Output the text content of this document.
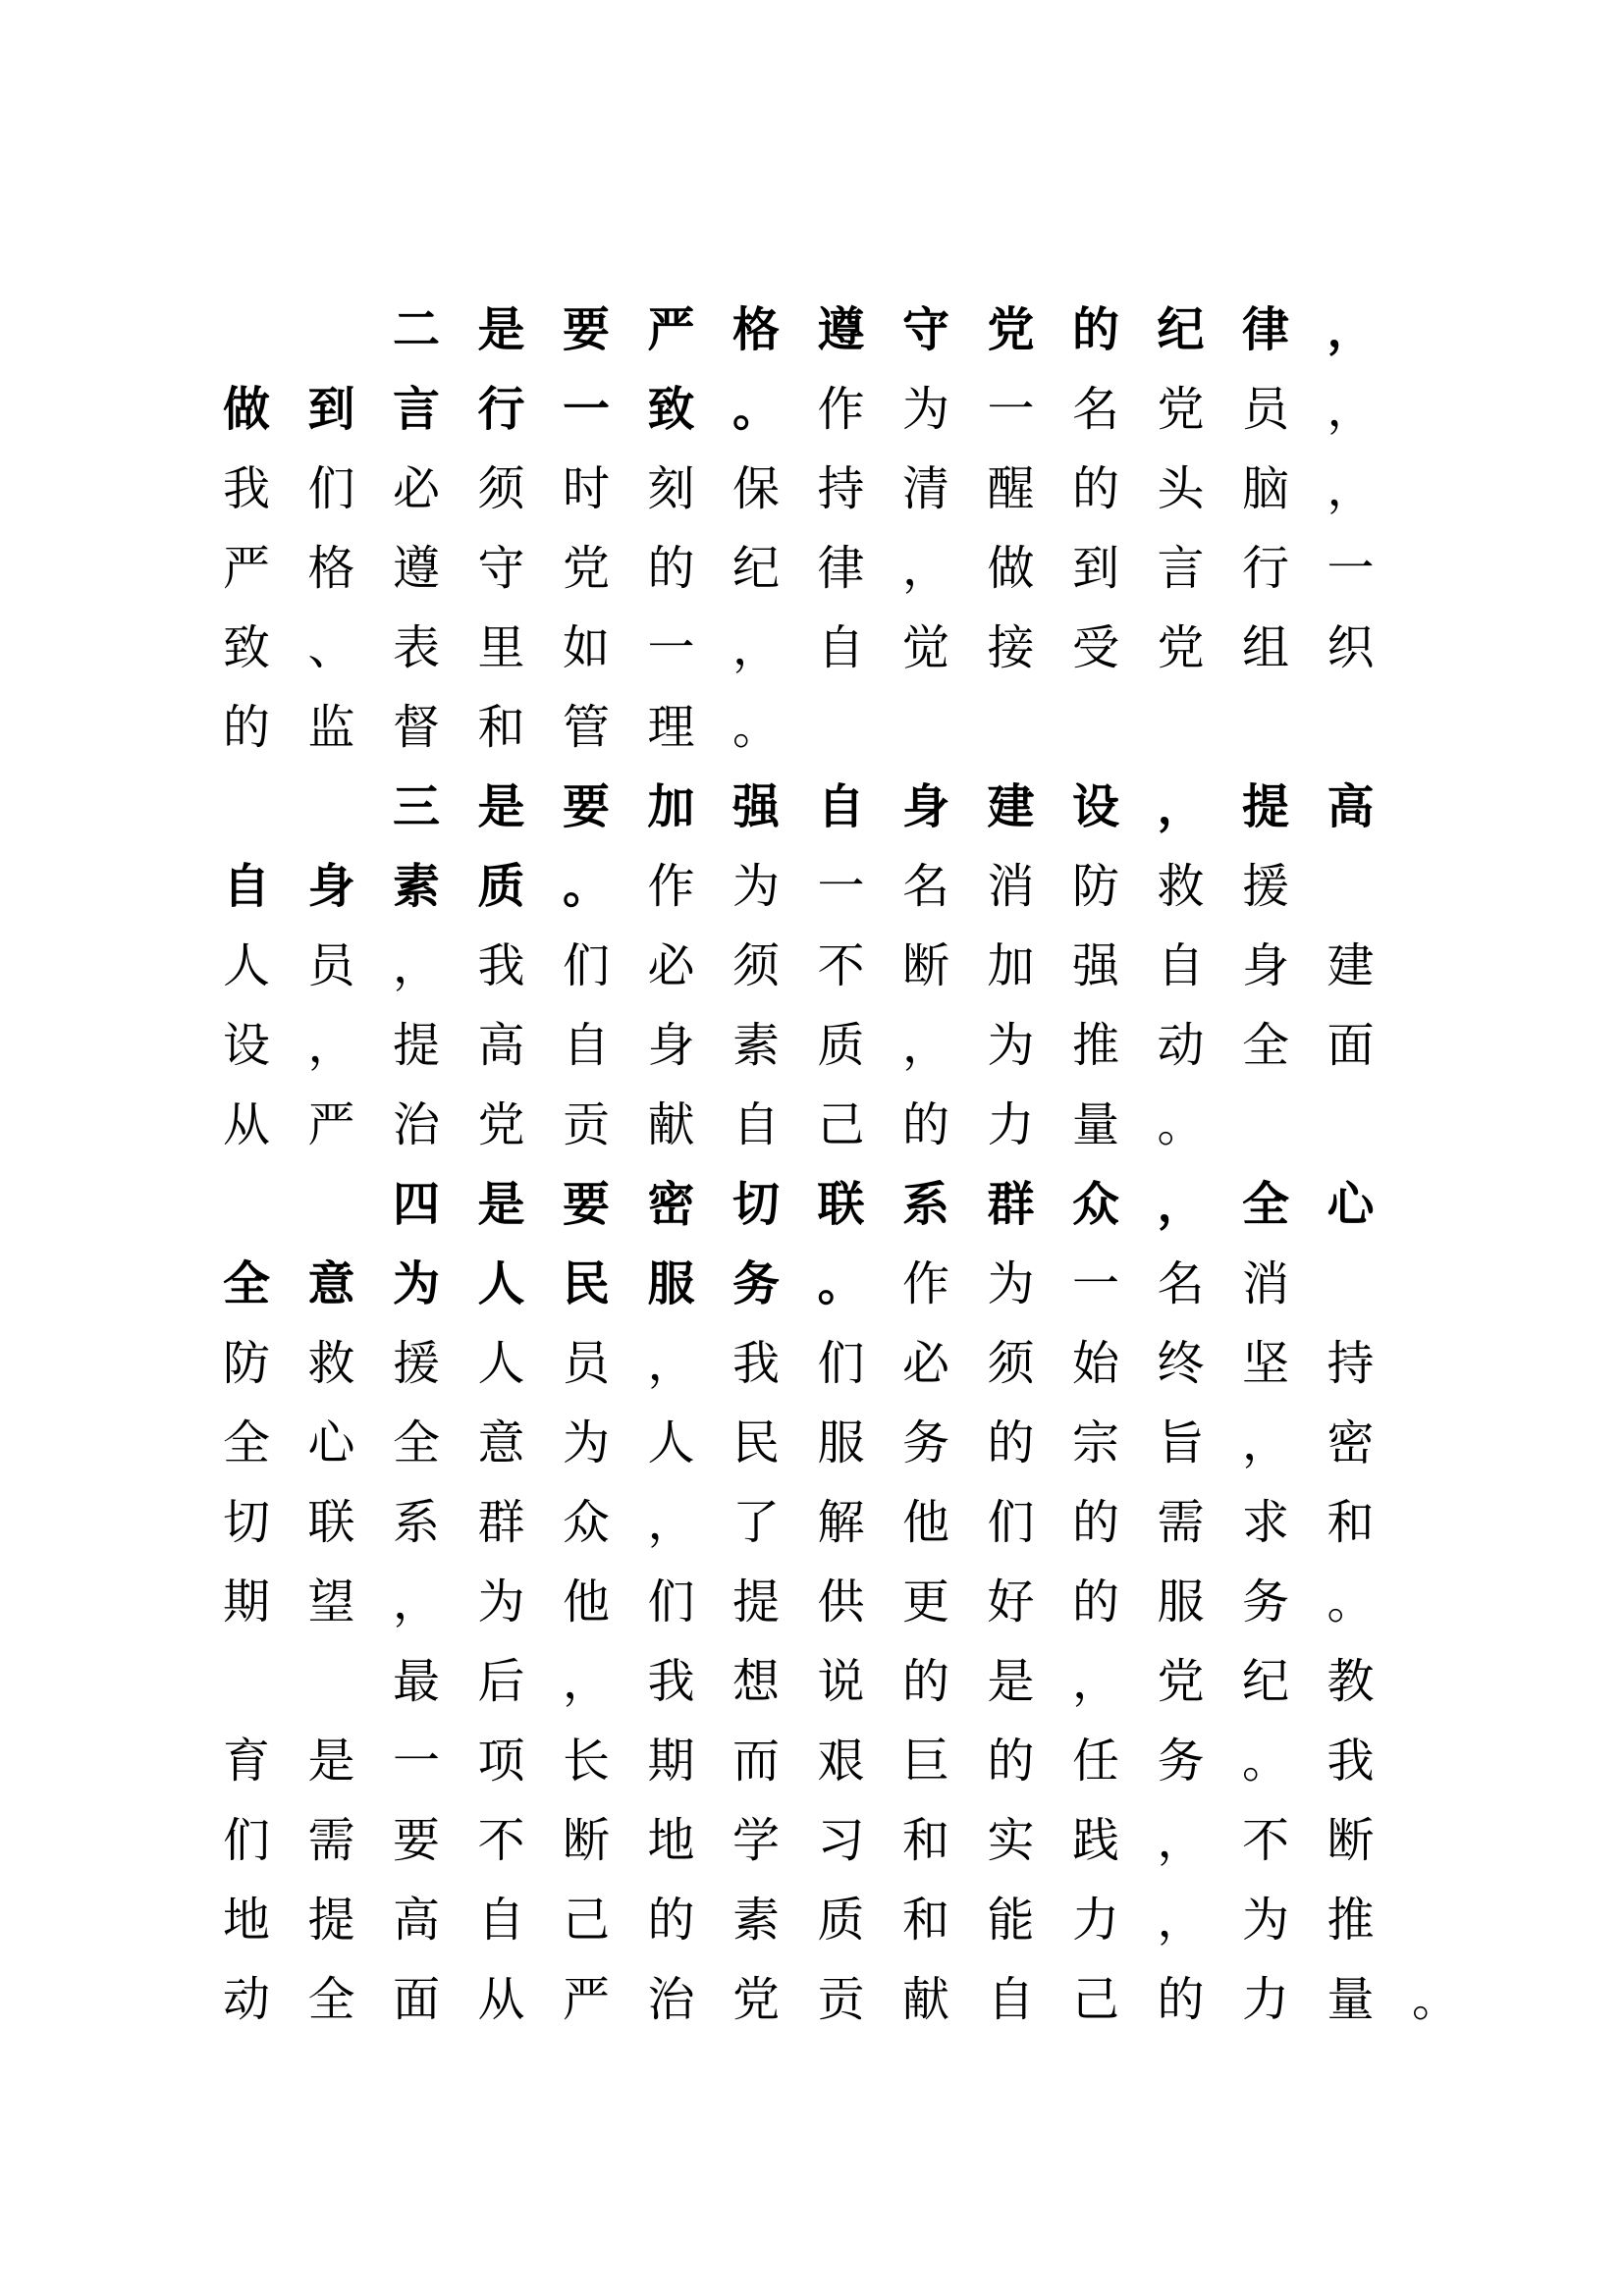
二 是 要 严 格 遵 守 党 的 纪 律 ，
做 到 言 行 一 致 。 作 为 一 名 党 员 ，
我 们 必 须 时 刻 保 持 清 醒 的 头 脑 ，
严 格 遵 守 党 的 纪 律 ， 做 到 言 行 一
致 、 表 里 如 一 ， 自 觉 接 受 党 组 织
的 监 督 和 管 理 。
三 是 要 加 强 自 身 建 设 ， 提 高
自 身 素 质 。 作 为 一 名 消 防 救 援
人 员 ， 我 们 必 须 不 断 加 强 自 身 建
设 ， 提 高 自 身 素 质 ， 为 推 动 全 面
从 严 治 党 贡 献 自 己 的 力 量 。
四 是 要 密 切 联 系 群 众 ， 全 心
全 意 为 人 民 服 务 。 作 为 一 名 消
防 救 援 人 员 ， 我 们 必 须 始 终 坚 持
全 心 全 意 为 人 民 服 务 的 宗 旨 ， 密
切 联 系 群 众 ， 了 解 他 们 的 需 求 和
期 望 ， 为 他 们 提 供 更 好 的 服 务 。
最 后 ， 我 想 说 的 是 ， 党 纪 教
育 是 一 项 长 期 而 艰 巨 的 任 务 。 我
们 需 要 不 断 地 学 习 和 实 践 ， 不 断
地 提 高 自 己 的 素 质 和 能 力 ， 为 推
动 全 面 从 严 治 党 贡 献 自 己 的 力 量 。
